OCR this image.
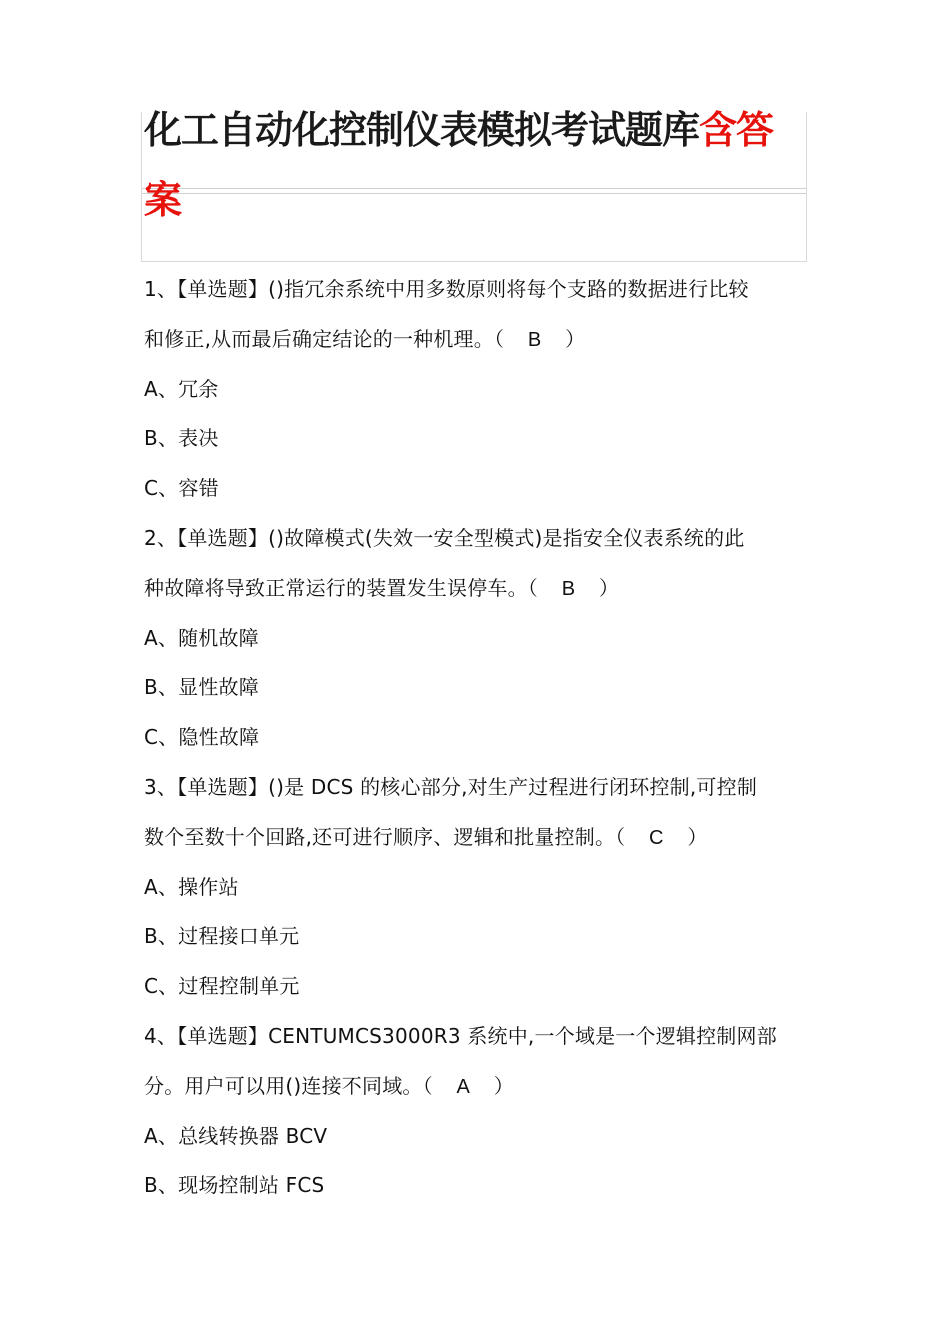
化工自动化控制仪表模拟考试题库含答
案
1、【单选题】()指冗余系统中用多数原则将每个支路的数据进行比较
和修正,从而最后确定结论的一种机理。（ B ）
A、冗余
B、表决
C、容错
2、【单选题】()故障模式(失效一安全型模式)是指安全仪表系统的此
种故障将导致正常运行的装置发生误停车。（ B ）
A、随机故障
B、显性故障
C、隐性故障
3、【单选题】()是 DCS 的核心部分,对生产过程进行闭环控制,可控制
数个至数十个回路,还可进行顺序、逻辑和批量控制。（ C ）
A、操作站
B、过程接口单元
C、过程控制单元
4、【单选题】CENTUMCS3000R3 系统中,一个域是一个逻辑控制网部
分。用户可以用()连接不同域。（ A ）
A、总线转换器 BCV
B、现场控制站 FCS
